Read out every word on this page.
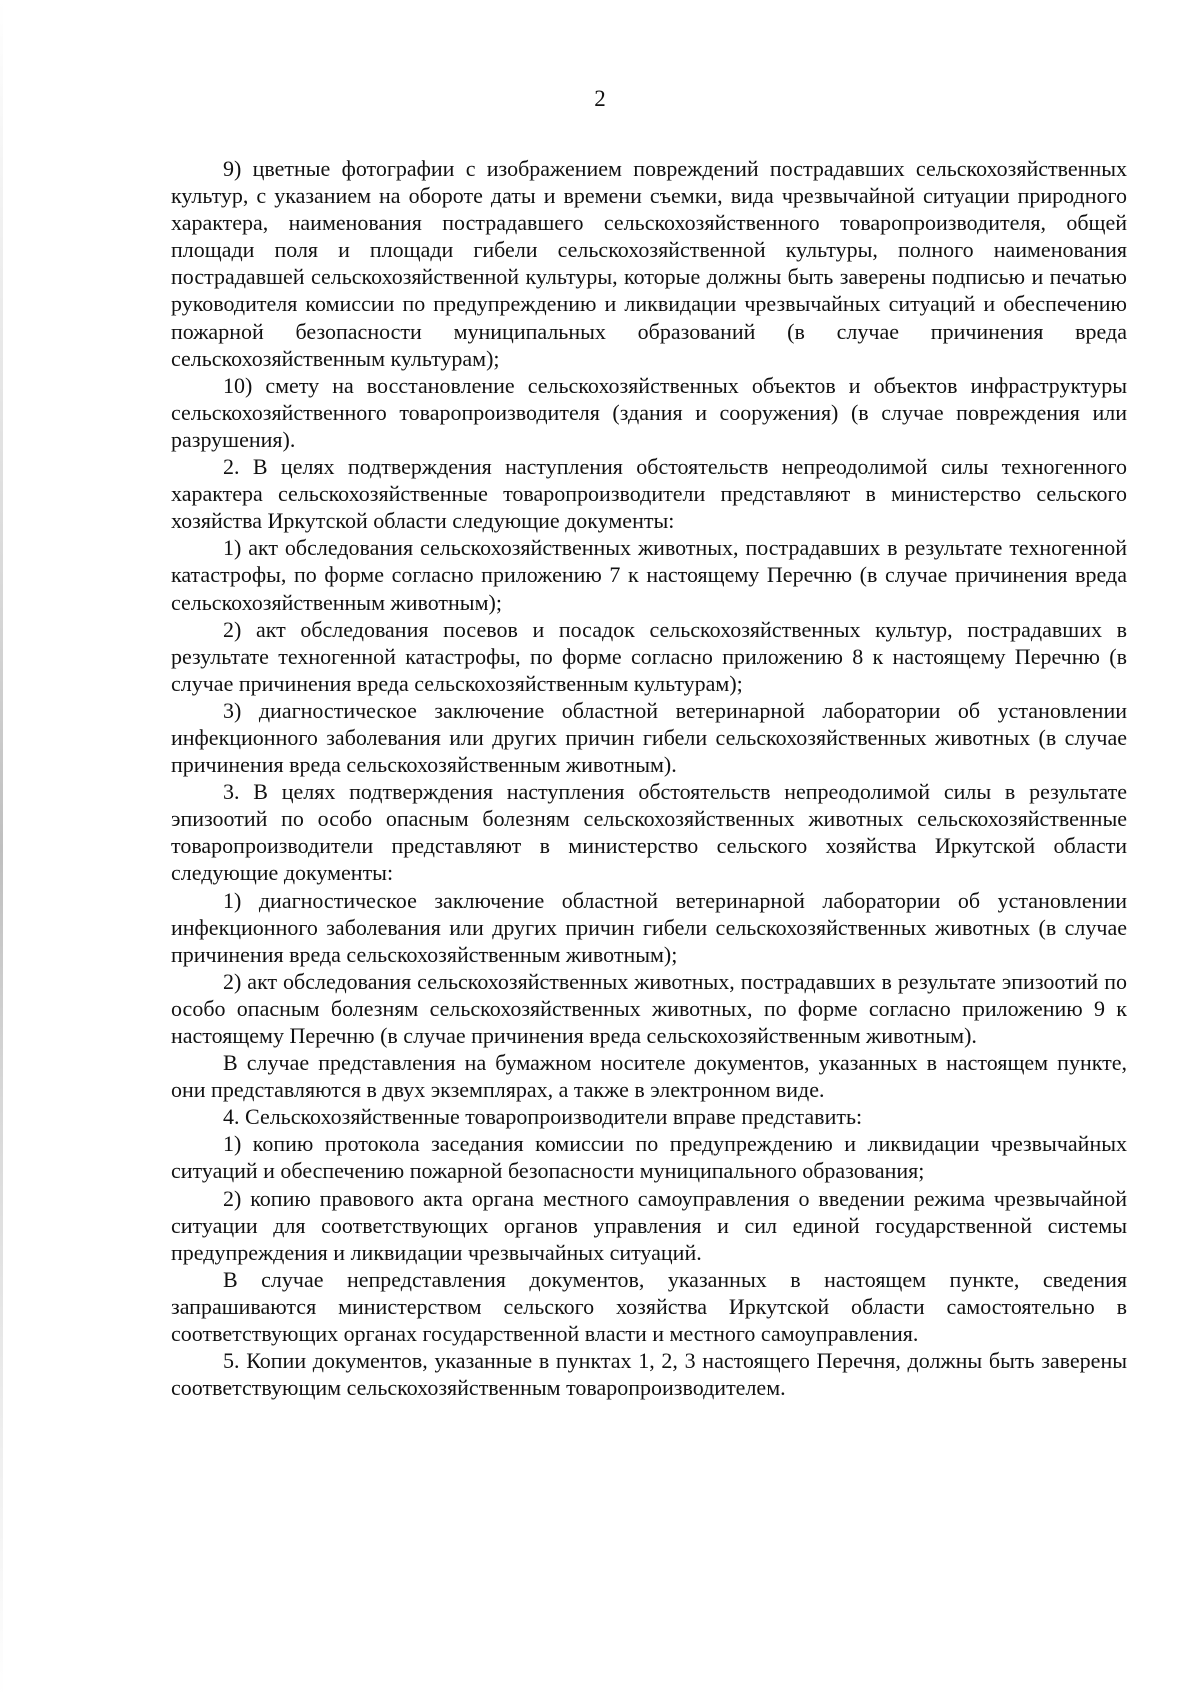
2

9) цветные фотографии с изображением повреждений пострадавших сельскохозяйственных культур, с указанием на обороте даты и времени съемки, вида чрезвычайной ситуации природного характера, наименования пострадавшего сельскохозяйственного товаропроизводителя, общей площади поля и площади гибели сельскохозяйственной культуры, полного наименования пострадавшей сельскохозяйственной культуры, которые должны быть заверены подписью и печатью руководителя комиссии по предупреждению и ликвидации чрезвычайных ситуаций и обеспечению пожарной безопасности муниципальных образований (в случае причинения вреда сельскохозяйственным культурам);

10) смету на восстановление сельскохозяйственных объектов и объектов инфраструктуры сельскохозяйственного товаропроизводителя (здания и сооружения) (в случае повреждения или разрушения).

2. В целях подтверждения наступления обстоятельств непреодолимой силы техногенного характера сельскохозяйственные товаропроизводители представляют в министерство сельского хозяйства Иркутской области следующие документы:

1) акт обследования сельскохозяйственных животных, пострадавших в результате техногенной катастрофы, по форме согласно приложению 7 к настоящему Перечню (в случае причинения вреда сельскохозяйственным животным);

2) акт обследования посевов и посадок сельскохозяйственных культур, пострадавших в результате техногенной катастрофы, по форме согласно приложению 8 к настоящему Перечню (в случае причинения вреда сельскохозяйственным культурам);

3) диагностическое заключение областной ветеринарной лаборатории об установлении инфекционного заболевания или других причин гибели сельскохозяйственных животных (в случае причинения вреда сельскохозяйственным животным).

3. В целях подтверждения наступления обстоятельств непреодолимой силы в результате эпизоотий по особо опасным болезням сельскохозяйственных животных сельскохозяйственные товаропроизводители представляют в министерство сельского хозяйства Иркутской области следующие документы:

1) диагностическое заключение областной ветеринарной лаборатории об установлении инфекционного заболевания или других причин гибели сельскохозяйственных животных (в случае причинения вреда сельскохозяйственным животным);

2) акт обследования сельскохозяйственных животных, пострадавших в результате эпизоотий по особо опасным болезням сельскохозяйственных животных, по форме согласно приложению 9 к настоящему Перечню (в случае причинения вреда сельскохозяйственным животным).

В случае представления на бумажном носителе документов, указанных в настоящем пункте, они представляются в двух экземплярах, а также в электронном виде.

4. Сельскохозяйственные товаропроизводители вправе представить:

1) копию протокола заседания комиссии по предупреждению и ликвидации чрезвычайных ситуаций и обеспечению пожарной безопасности муниципального образования;

2) копию правового акта органа местного самоуправления о введении режима чрезвычайной ситуации для соответствующих органов управления и сил единой государственной системы предупреждения и ликвидации чрезвычайных ситуаций.

В случае непредставления документов, указанных в настоящем пункте, сведения запрашиваются министерством сельского хозяйства Иркутской области самостоятельно в соответствующих органах государственной власти и местного самоуправления.

5. Копии документов, указанные в пунктах 1, 2, 3 настоящего Перечня, должны быть заверены соответствующим сельскохозяйственным товаропроизводителем.
